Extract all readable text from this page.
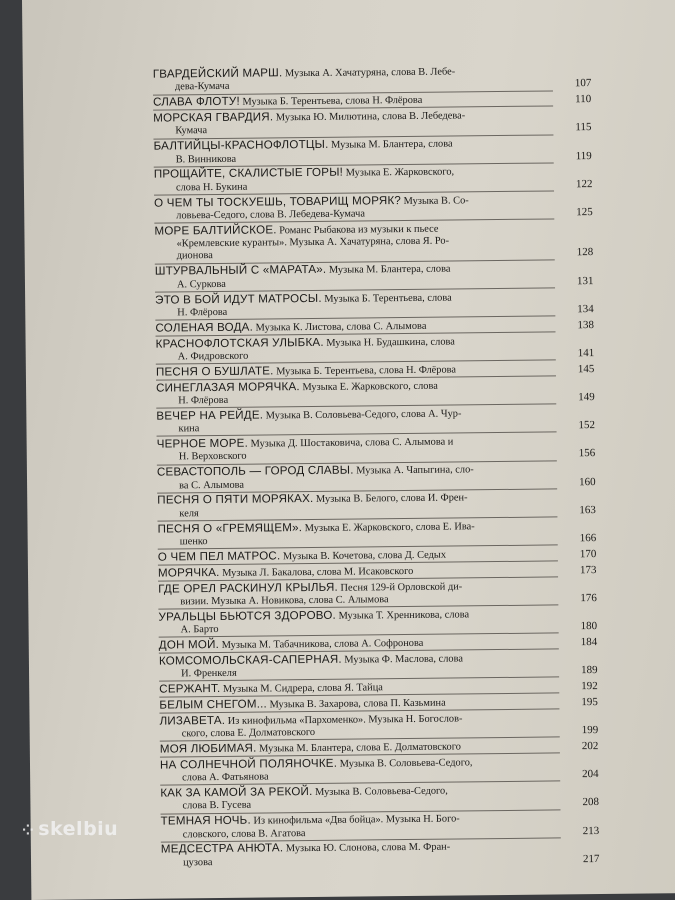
ГВАРДЕЙСКИЙ МАРШ. Музыка А. Хачатуряна, слова В. Лебе-
дева-Кумача	107
СЛАВА ФЛОТУ! Музыка Б. Терентьева, слова Н. Флёрова	110
МОРСКАЯ ГВАРДИЯ. Музыка Ю. Милютина, слова В. Лебедева-
Кумача	115
БАЛТИЙЦЫ-КРАСНОФЛОТЦЫ. Музыка М. Блантера, слова
В. Винникова	119
ПРОЩАЙТЕ, СКАЛИСТЫЕ ГОРЫ! Музыка Е. Жарковского,
слова Н. Букина	122
О ЧЕМ ТЫ ТОСКУЕШЬ, ТОВАРИЩ МОРЯК? Музыка В. Со-
ловьева-Седого, слова В. Лебедева-Кумача	125
МОРЕ БАЛТИЙСКОЕ. Романс Рыбакова из музыки к пьесе
«Кремлевские куранты». Музыка А. Хачатуряна, слова Я. Ро-
дионова	128
ШТУРВАЛЬНЫЙ С «МАРАТА». Музыка М. Блантера, слова
А. Суркова	131
ЭТО В БОЙ ИДУТ МАТРОСЫ. Музыка Б. Терентьева, слова
Н. Флёрова	134
СОЛЕНАЯ ВОДА. Музыка К. Листова, слова С. Алымова	138
КРАСНОФЛОТСКАЯ УЛЫБКА. Музыка Н. Будашкина, слова
А. Фидровского	141
ПЕСНЯ О БУШЛАТЕ. Музыка Б. Терентьева, слова Н. Флёрова	145
СИНЕГЛАЗАЯ МОРЯЧКА. Музыка Е. Жарковского, слова
Н. Флёрова	149
ВЕЧЕР НА РЕЙДЕ. Музыка В. Соловьева-Седого, слова А. Чур-
кина	152
ЧЕРНОЕ МОРЕ. Музыка Д. Шостаковича, слова С. Алымова и
Н. Верховского	156
СЕВАСТОПОЛЬ — ГОРОД СЛАВЫ. Музыка А. Чапыгина, сло-
ва С. Алымова	160
ПЕСНЯ О ПЯТИ МОРЯКАХ. Музыка В. Белого, слова И. Френ-
келя	163
ПЕСНЯ О «ГРЕМЯЩЕМ». Музыка Е. Жарковского, слова Е. Ива-
шенко	166
О ЧЕМ ПЕЛ МАТРОС. Музыка В. Кочетова, слова Д. Седых	170
МОРЯЧКА. Музыка Л. Бакалова, слова М. Исаковского	173
ГДЕ ОРЕЛ РАСКИНУЛ КРЫЛЬЯ. Песня 129-й Орловской ди-
визии. Музыка А. Новикова, слова С. Алымова	176
УРАЛЬЦЫ БЬЮТСЯ ЗДОРОВО. Музыка Т. Хренникова, слова
А. Барто	180
ДОН МОЙ. Музыка М. Табачникова, слова А. Софронова	184
КОМСОМОЛЬСКАЯ-САПЕРНАЯ. Музыка Ф. Маслова, слова
И. Френкеля	189
СЕРЖАНТ. Музыка М. Сидрера, слова Я. Тайца	192
БЕЛЫМ СНЕГОМ... Музыка В. Захарова, слова П. Казьмина	195
ЛИЗАВЕТА. Из кинофильма «Пархоменко». Музыка Н. Богослов-
ского, слова Е. Долматовского	199
МОЯ ЛЮБИМАЯ. Музыка М. Блантера, слова Е. Долматовского	202
НА СОЛНЕЧНОЙ ПОЛЯНОЧКЕ. Музыка В. Соловьева-Седого,
слова А. Фатьянова	204
КАК ЗА КАМОЙ ЗА РЕКОЙ. Музыка В. Соловьева-Седого,
слова В. Гусева	208
ТЕМНАЯ НОЧЬ. Из кинофильма «Два бойца». Музыка Н. Бого-
словского, слова В. Агатова	213
МЕДСЕСТРА АНЮТА. Музыка Ю. Слонова, слова М. Фран-
цузова	217
⁘ skelbiu
